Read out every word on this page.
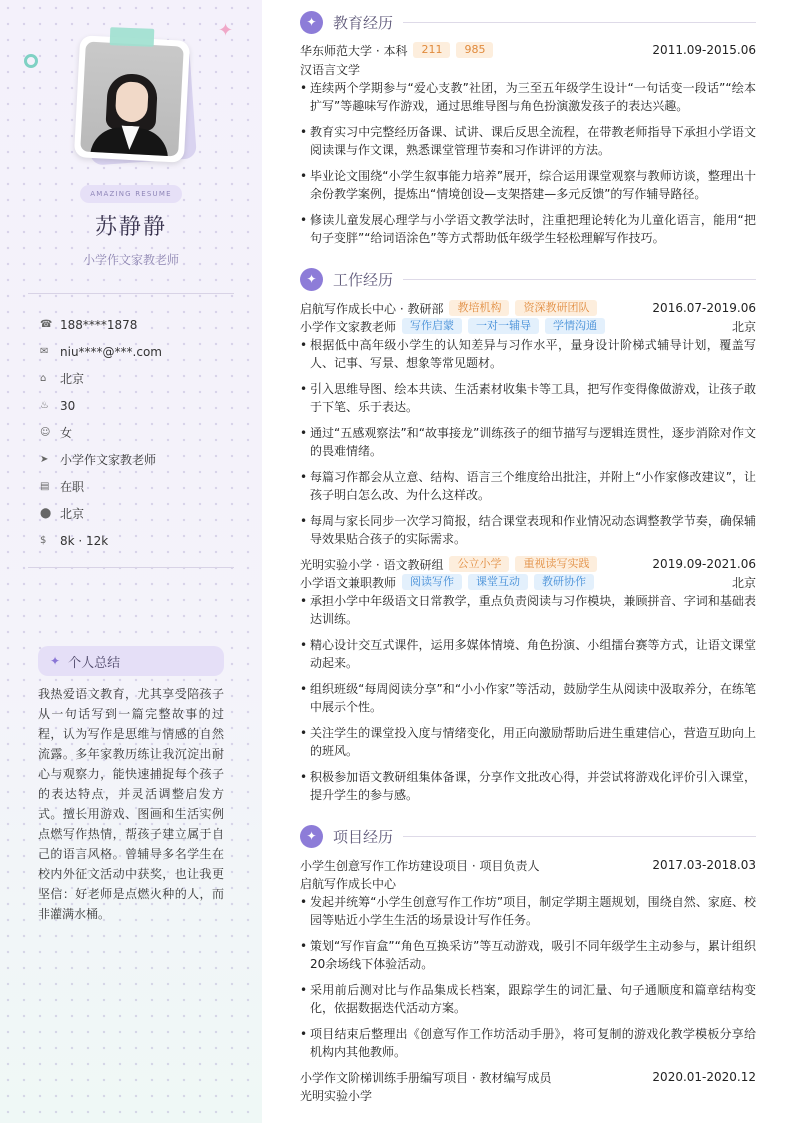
✦
AMAZING RESUME
苏静静
小学作文家教老师
☎ 188****1878
✉ niu****@***.com
⌂	北京
♨ 30
☺ 女
➤ 小学作文家教老师
▤ 在职
⬤ 北京
$	8k · 12k
✦ 个人总结

我热爱语文教育，尤其享受陪孩子从一句话写到一篇完整故事的过程，认为写作是思维与情感的自然流露。多年家教历练让我沉淀出耐心与观察力，能快速捕捉每个孩子的表达特点，并灵活调整启发方式。擅长用游戏、图画和生活实例点燃写作热情，帮孩子建立属于自己的语言风格。曾辅导多名学生在校内外征文活动中获奖，也让我更坚信：好老师是点燃火种的人，而非灌满水桶。

✦	教育经历
华东师范大学 · 本科	211	985	2011.09-2015.06
汉语言文学
• 连续两个学期参与“爱心支教”社团，为三至五年级学生设计“一句话变一段话”“绘本扩写”等趣味写作游戏，通过思维导图与角色扮演激发孩子的表达兴趣。
• 教育实习中完整经历备课、试讲、课后反思全流程，在带教老师指导下承担小学语文阅读课与作文课，熟悉课堂管理节奏和习作讲评的方法。
• 毕业论文围绕“小学生叙事能力培养”展开，综合运用课堂观察与教师访谈，整理出十余份教学案例，提炼出“情境创设—支架搭建—多元反馈”的写作辅导路径。
• 修读儿童发展心理学与小学语文教学法时，注重把理论转化为儿童化语言，能用“把句子变胖”“给词语涂色”等方式帮助低年级学生轻松理解写作技巧。
✦	工作经历
启航写作成长中心 · 教研部	教培机构	资深教研团队	2016.07-2019.06
小学作文家教老师	写作启蒙	一对一辅导	学情沟通	北京
• 根据低中高年级小学生的认知差异与习作水平，量身设计阶梯式辅导计划，覆盖写人、记事、写景、想象等常见题材。
• 引入思维导图、绘本共读、生活素材收集卡等工具，把写作变得像做游戏，让孩子敢于下笔、乐于表达。
• 通过“五感观察法”和“故事接龙”训练孩子的细节描写与逻辑连贯性，逐步消除对作文的畏难情绪。
• 每篇习作都会从立意、结构、语言三个维度给出批注，并附上“小作家修改建议”，让孩子明白怎么改、为什么这样改。
• 每周与家长同步一次学习简报，结合课堂表现和作业情况动态调整教学节奏，确保辅导效果贴合孩子的实际需求。
光明实验小学 · 语文教研组	公立小学	重视读写实践	2019.09-2021.06
小学语文兼职教师	阅读写作	课堂互动	教研协作	北京
• 承担小学中年级语文日常教学，重点负责阅读与习作模块，兼顾拼音、字词和基础表达训练。
• 精心设计交互式课件，运用多媒体情境、角色扮演、小组擂台赛等方式，让语文课堂动起来。
• 组织班级“每周阅读分享”和“小小作家”等活动，鼓励学生从阅读中汲取养分，在练笔中展示个性。
• 关注学生的课堂投入度与情绪变化，用正向激励帮助后进生重建信心，营造互助向上的班风。
• 积极参加语文教研组集体备课，分享作文批改心得，并尝试将游戏化评价引入课堂，提升学生的参与感。
✦	项目经历
小学生创意写作工作坊建设项目 · 项目负责人	2017.03-2018.03
启航写作成长中心
• 发起并统筹“小学生创意写作工作坊”项目，制定学期主题规划，围绕自然、家庭、校园等贴近小学生生活的场景设计写作任务。
• 策划“写作盲盒”“角色互换采访”等互动游戏，吸引不同年级学生主动参与，累计组织20余场线下体验活动。
• 采用前后测对比与作品集成长档案，跟踪学生的词汇量、句子通顺度和篇章结构变化，依据数据迭代活动方案。
• 项目结束后整理出《创意写作工作坊活动手册》，将可复制的游戏化教学模板分享给机构内其他教师。
小学作文阶梯训练手册编写项目 · 教材编写成员	2020.01-2020.12
光明实验小学
